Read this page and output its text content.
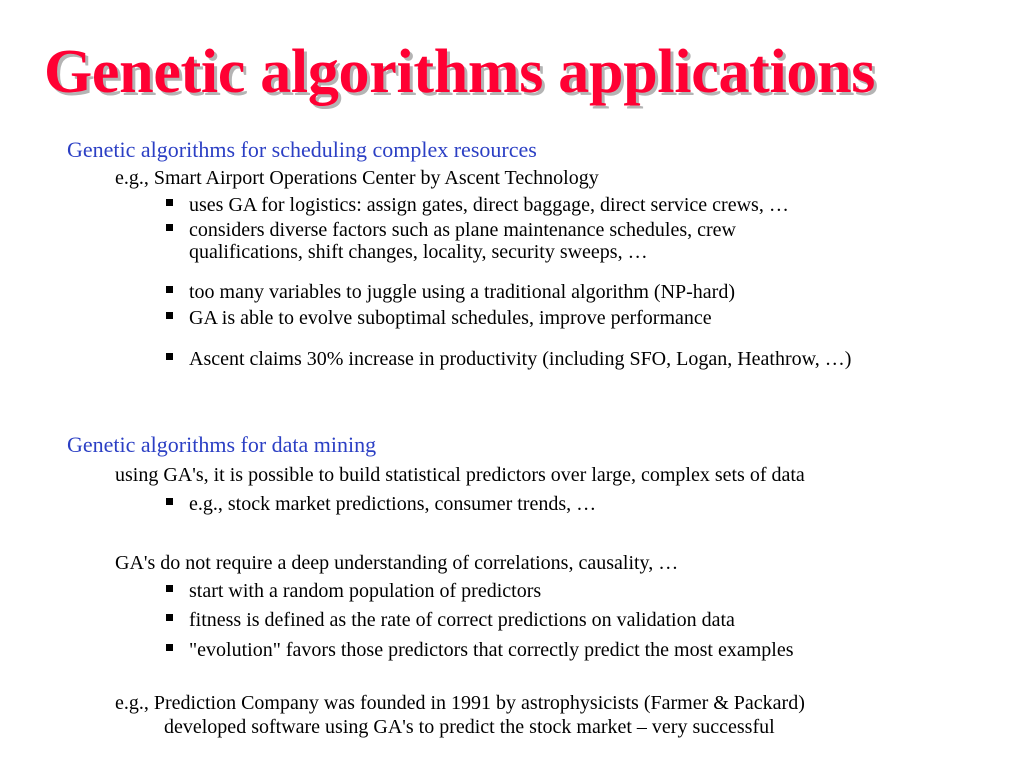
Genetic algorithms applications
Genetic algorithms for scheduling complex resources
e.g., Smart Airport Operations Center by Ascent Technology
uses GA for logistics: assign gates, direct baggage, direct service crews, …
considers diverse factors such as plane maintenance schedules, crew
qualifications, shift changes, locality, security sweeps, …
too many variables to juggle using a traditional algorithm (NP-hard)
GA is able to evolve suboptimal schedules, improve performance
Ascent claims 30% increase in productivity (including SFO, Logan, Heathrow, …)
Genetic algorithms for data mining
using GA's, it is possible to build statistical predictors over large, complex sets of data
e.g., stock market predictions, consumer trends, …
GA's do not require a deep understanding of correlations, causality, …
start with a random population of predictors
fitness is defined as the rate of correct predictions on validation data
"evolution" favors those predictors that correctly predict the most examples
e.g., Prediction Company was founded in 1991 by astrophysicists (Farmer & Packard)
developed software using GA's to predict the stock market – very successful
